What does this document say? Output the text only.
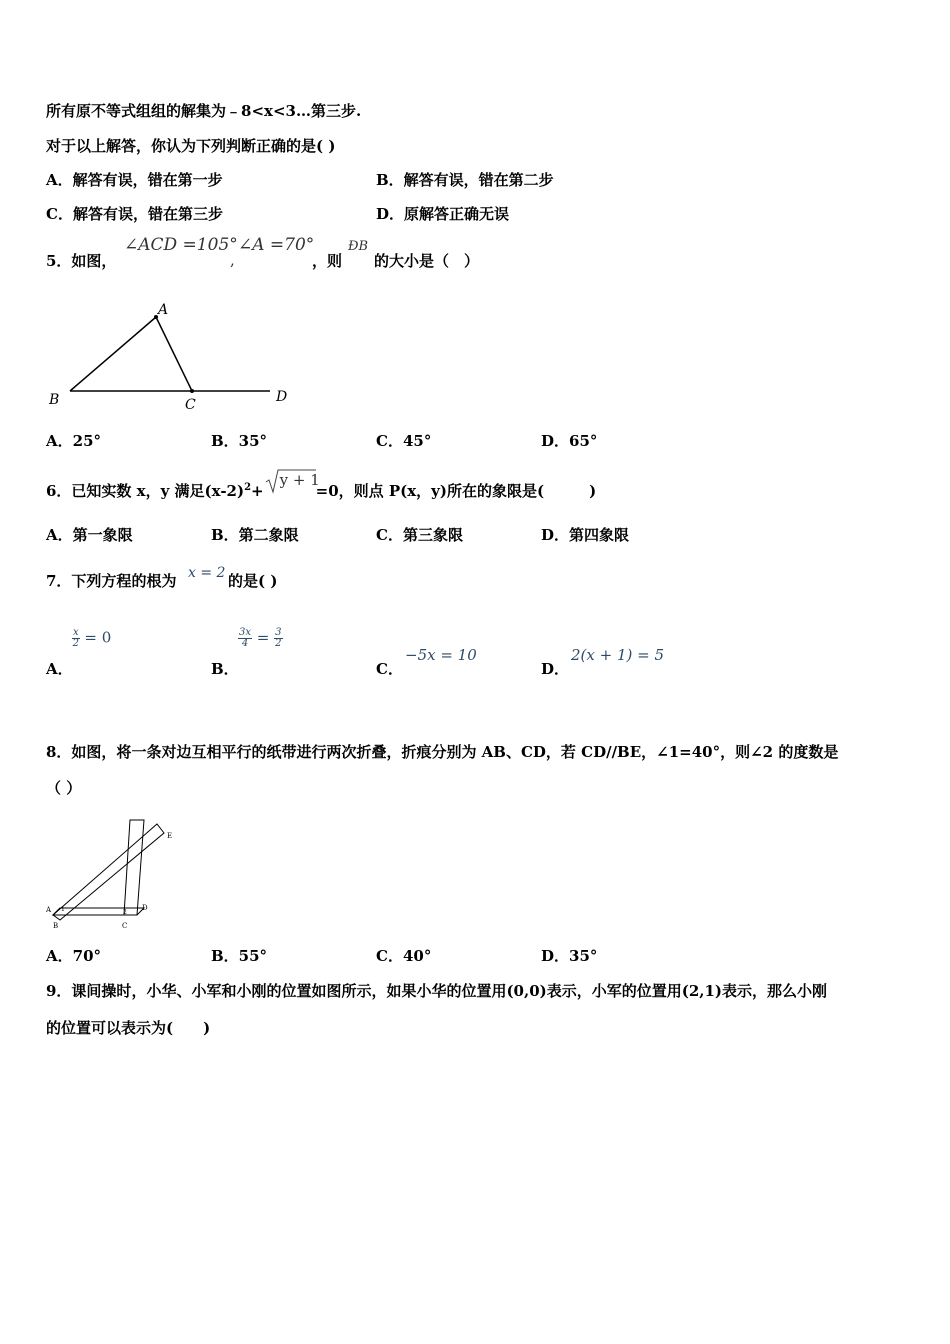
所有原不等式组组的解集为﹣8<x<3…第三步.
对于以上解答，你认为下列判断正确的是( )
A．解答有误，错在第一步	B．解答有误，错在第二步
C．解答有误，错在第三步	D．原解答正确无误
5．如图，
∠ACD =105°
,
∠A =70°
，则
ÐB
的大小是（　）
A
B	C	D
A．25°	B．35°	C．45°	D．65°
6．已知实数 x，y 满足$(x-2)^2+$
y + 1
=0，则点 P(x，y)所在的象限是(　　　)
A．第一象限	B．第二象限	C．第三象限	D．第四象限
7．下列方程的根为 x = 2 的是( )
A．
$\frac{x}{2} = 0$
B．
$\frac{3x}{4} = \frac{3}{2}$
C．
−5x = 10
D．
2(x + 1) = 5
8．如图，将一条对边互相平行的纸带进行两次折叠，折痕分别为 AB、CD，若 CD//BE，∠1=40°，则∠2 的度数是
（ ）
A
B	C
D
E
1	2
A．70°	B．55°	C．40°	D．35°
9．课间操时，小华、小军和小刚的位置如图所示，如果小华的位置用(0,0)表示，小军的位置用(2,1)表示，那么小刚
的位置可以表示为(　　)
